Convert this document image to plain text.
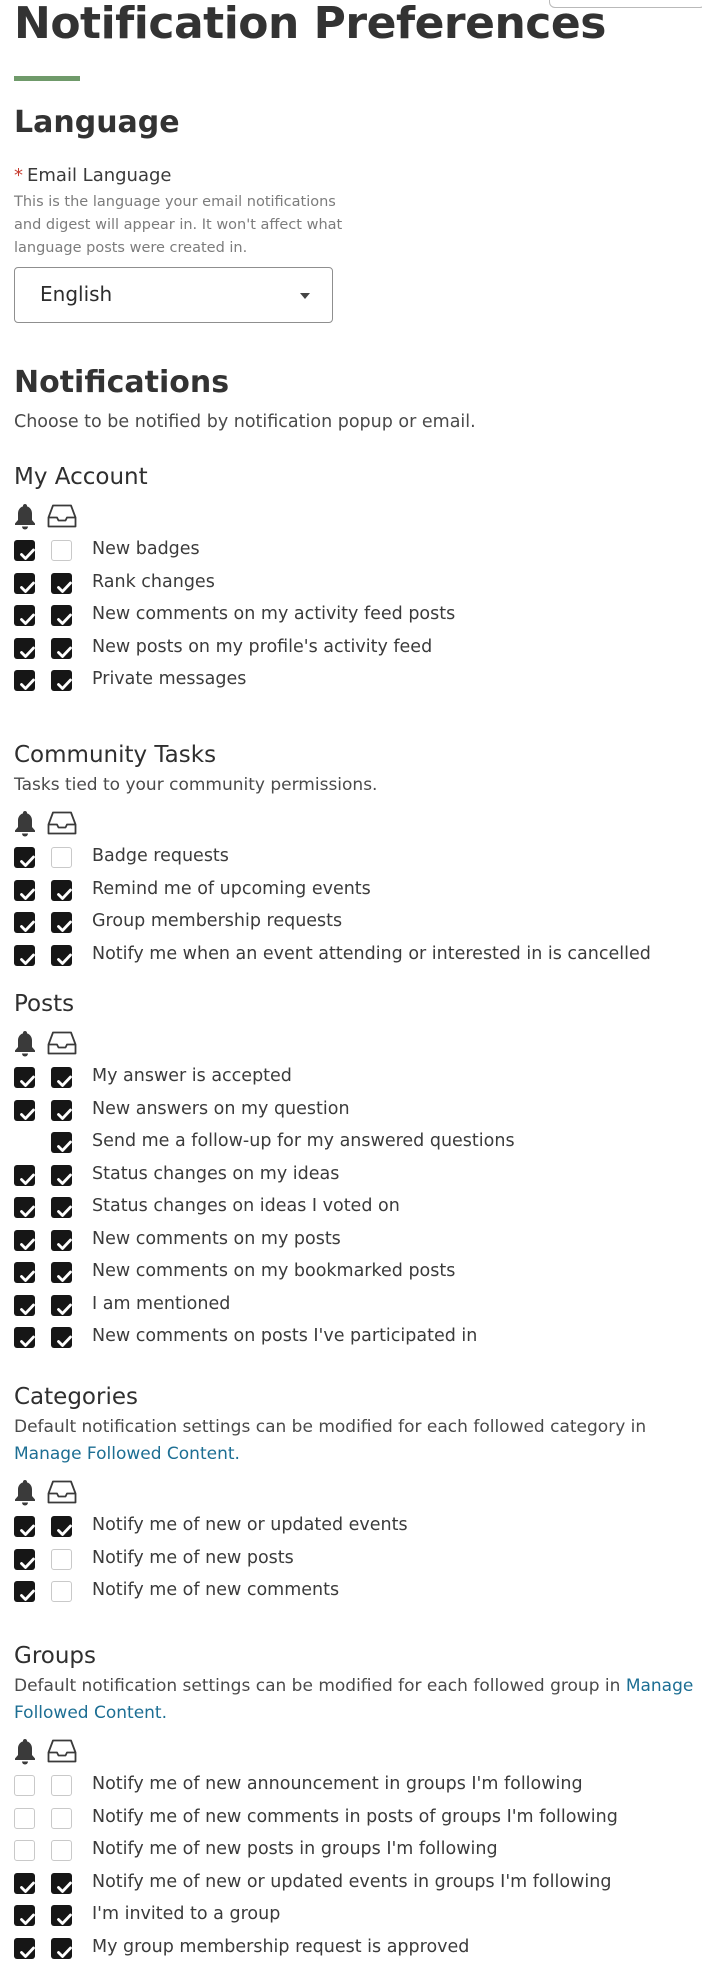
Notification Preferences
Language
* Email Language
This is the language your email notifications and digest will appear in. It won't affect what language posts were created in.
English
Notifications
Choose to be notified by notification popup or email.
My Account
New badges
Rank changes
New comments on my activity feed posts
New posts on my profile's activity feed
Private messages
Community Tasks
Tasks tied to your community permissions.
Badge requests
Remind me of upcoming events
Group membership requests
Notify me when an event attending or interested in is cancelled
Posts
My answer is accepted
New answers on my question
Send me a follow-up for my answered questions
Status changes on my ideas
Status changes on ideas I voted on
New comments on my posts
New comments on my bookmarked posts
I am mentioned
New comments on posts I've participated in
Categories
Default notification settings can be modified for each followed category in Manage Followed Content.
Notify me of new or updated events
Notify me of new posts
Notify me of new comments
Groups
Default notification settings can be modified for each followed group in Manage Followed Content.
Notify me of new announcement in groups I'm following
Notify me of new comments in posts of groups I'm following
Notify me of new posts in groups I'm following
Notify me of new or updated events in groups I'm following
I'm invited to a group
My group membership request is approved
